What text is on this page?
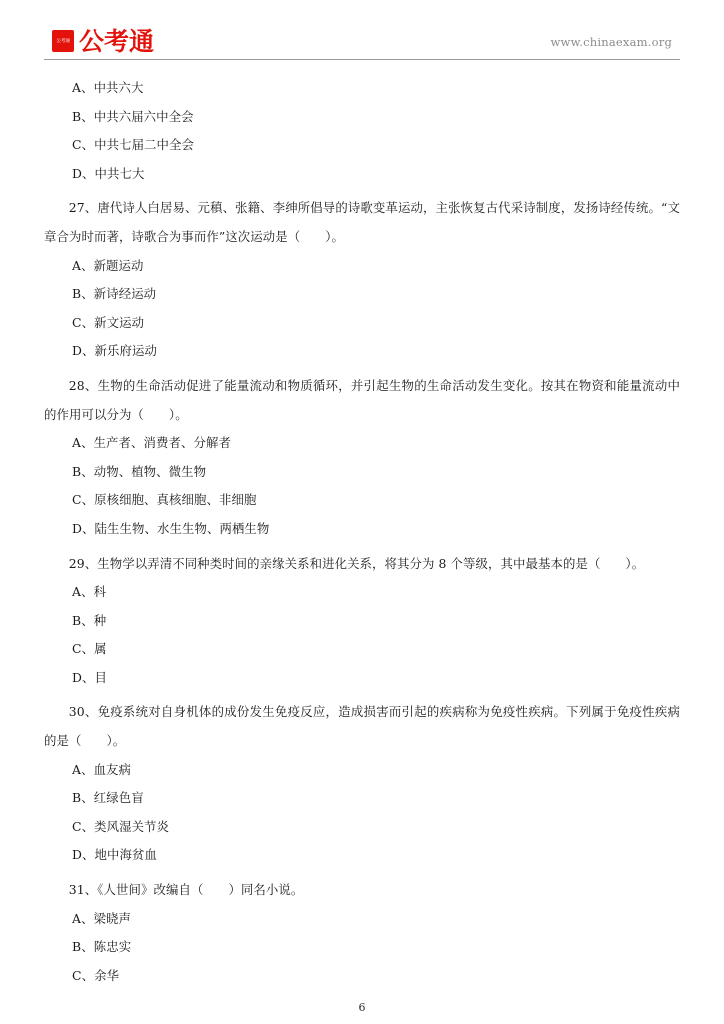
公考通 公考通	www.chinaexam.org

A、中共六大

B、中共六届六中全会

C、中共七届二中全会

D、中共七大

27、唐代诗人白居易、元稹、张籍、李绅所倡导的诗歌变革运动，主张恢复古代采诗制度，发扬诗经传统。“文章合为时而著，诗歌合为事而作”这次运动是（　　）。

A、新题运动

B、新诗经运动

C、新文运动

D、新乐府运动

28、生物的生命活动促进了能量流动和物质循环，并引起生物的生命活动发生变化。按其在物资和能量流动中的作用可以分为（　　）。

A、生产者、消费者、分解者

B、动物、植物、微生物

C、原核细胞、真核细胞、非细胞

D、陆生生物、水生生物、两栖生物

29、生物学以弄清不同种类时间的亲缘关系和进化关系，将其分为 8 个等级，其中最基本的是（　　）。

A、科

B、种

C、属

D、目

30、免疫系统对自身机体的成份发生免疫反应，造成损害而引起的疾病称为免疫性疾病。下列属于免疫性疾病的是（　　）。

A、血友病

B、红绿色盲

C、类风湿关节炎

D、地中海贫血

31、《人世间》改编自（　　）同名小说。

A、梁晓声

B、陈忠实

C、余华

6
